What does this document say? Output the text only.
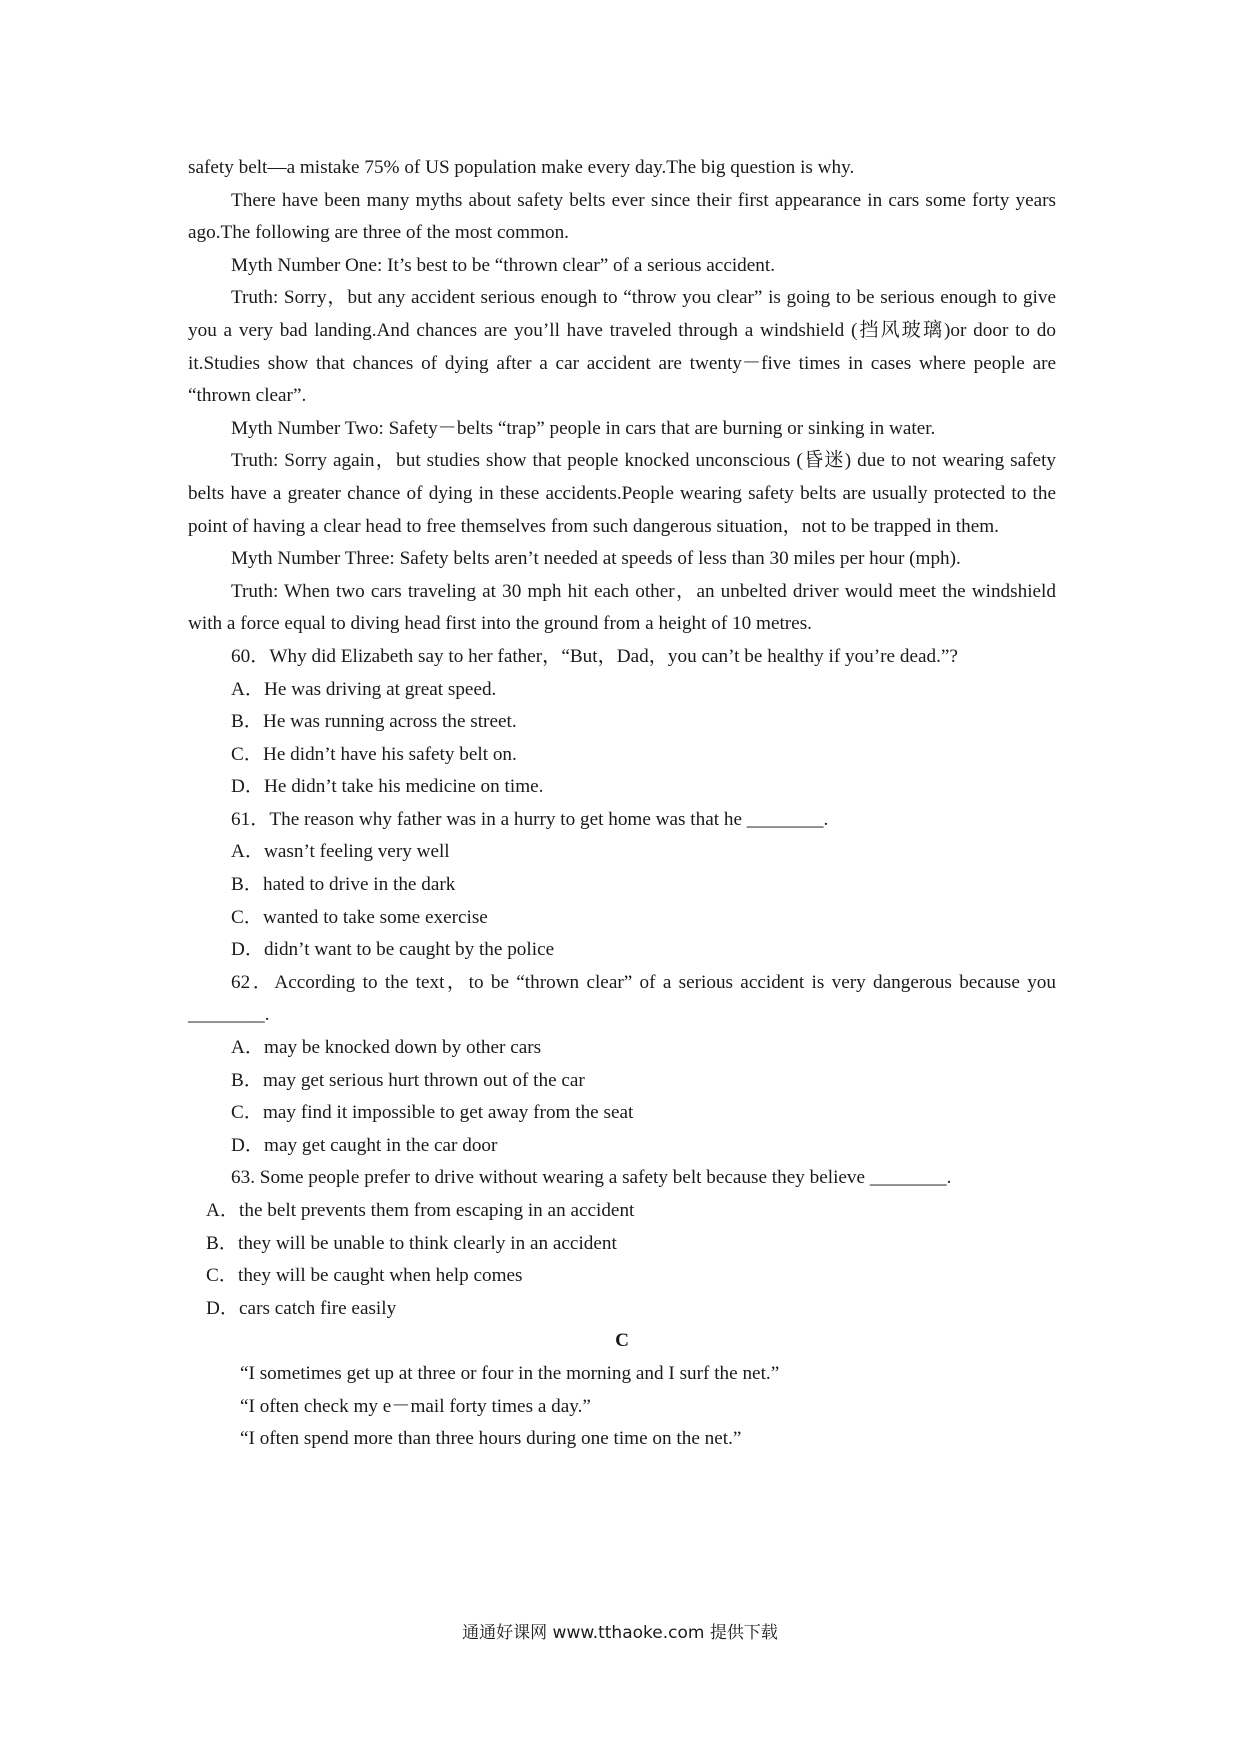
safety belt—a mistake 75% of US population make every day.The big question is why.

There have been many myths about safety belts ever since their first appearance in cars some forty years ago.The following are three of the most common.

Myth Number One: It’s best to be “thrown clear” of a serious accident.

Truth: Sorry，but any accident serious enough to “throw you clear” is going to be serious enough to give you a very bad landing.And chances are you’ll have traveled through a windshield (挡风玻璃)or door to do it.Studies show that chances of dying after a car accident are twenty－five times in cases where people are “thrown clear”.

Myth Number Two: Safety－belts “trap” people in cars that are burning or sinking in water.

Truth: Sorry again，but studies show that people knocked unconscious (昏迷) due to not wearing safety belts have a greater chance of dying in these accidents.People wearing safety belts are usually protected to the point of having a clear head to free themselves from such dangerous situation，not to be trapped in them.

Myth Number Three: Safety belts aren’t needed at speeds of less than 30 miles per hour (mph).

Truth: When two cars traveling at 30 mph hit each other，an unbelted driver would meet the windshield with a force equal to diving head first into the ground from a height of 10 metres.

60．Why did Elizabeth say to her father，“But，Dad，you can’t be healthy if you’re dead.”?

A．He was driving at great speed.

B．He was running across the street.

C．He didn’t have his safety belt on.

D．He didn’t take his medicine on time.

61．The reason why father was in a hurry to get home was that he ________.

A．wasn’t feeling very well

B．hated to drive in the dark

C．wanted to take some exercise

D．didn’t want to be caught by the police

62．According to the text，to be “thrown clear” of a serious accident is very dangerous because you ________.

A．may be knocked down by other cars

B．may get serious hurt thrown out of the car

C．may find it impossible to get away from the seat

D．may get caught in the car door

63. Some people prefer to drive without wearing a safety belt because they believe ________.

A．the belt prevents them from escaping in an accident

B．they will be unable to think clearly in an accident

C．they will be caught when help comes

D．cars catch fire easily

C

“I sometimes get up at three or four in the morning and I surf the net.”

“I often check my e－mail forty times a day.”

“I often spend more than three hours during one time on the net.”

通通好课网 www.tthaoke.com 提供下载
